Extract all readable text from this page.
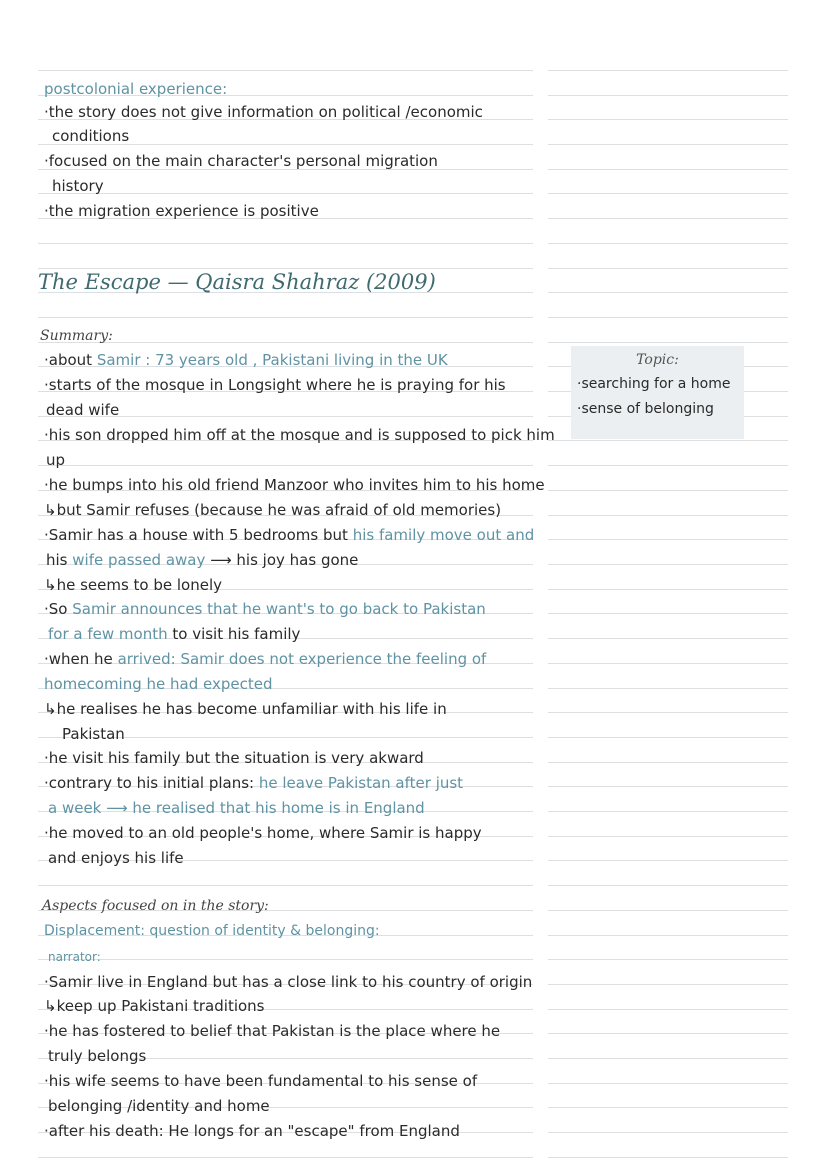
postcolonial experience:
·the story does not give information on political /economic
conditions
·focused on the main character's personal migration
history
·the migration experience is positive
The Escape — Qaisra Shahraz (2009)
Summary:
·about Samir : 73 years old , Pakistani living in the UK
·starts of the mosque in Longsight where he is praying for his
dead wife
·his son dropped him off at the mosque and is supposed to pick him
up
·he bumps into his old friend Manzoor who invites him to his home
↳but Samir refuses (because he was afraid of old memories)
·Samir has a house with 5 bedrooms but his family move out and
his wife passed away ⟶ his joy has gone
↳he seems to be lonely
·So Samir announces that he want's to go back to Pakistan
for a few month to visit his family
·when he arrived: Samir does not experience the feeling of
homecoming he had expected
↳he realises he has become unfamiliar with his life in
Pakistan
·he visit his family but the situation is very akward
·contrary to his initial plans: he leave Pakistan after just
a week ⟶ he realised that his home is in England
·he moved to an old people's home, where Samir is happy
and enjoys his life
Topic:
·searching for a home
·sense of belonging
Aspects focused on in the story:
Displacement: question of identity & belonging:
narrator:
·Samir live in England but has a close link to his country of origin
↳keep up Pakistani traditions
·he has fostered to belief that Pakistan is the place where he
truly belongs
·his wife seems to have been fundamental to his sense of
belonging /identity and home
·after his death: He longs for an "escape" from England
